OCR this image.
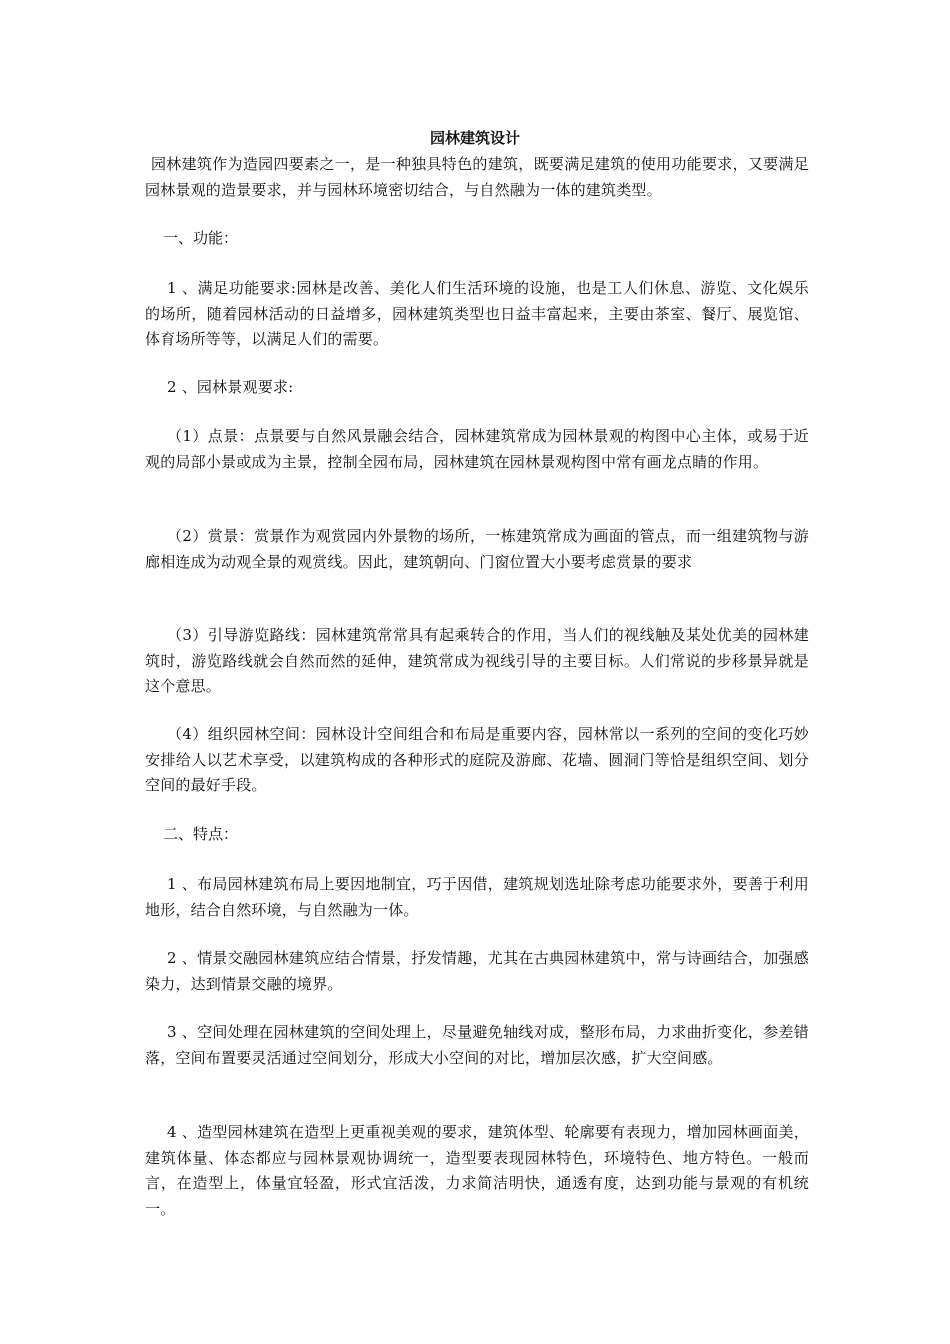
园林建筑设计

园林建筑作为造园四要素之一，是一种独具特色的建筑，既要满足建筑的使用功能要求，又要满足园林景观的造景要求，并与园林环境密切结合，与自然融为一体的建筑类型。

一、功能：

1 、满足功能要求:园林是改善、美化人们生活环境的设施，也是工人们休息、游览、文化娱乐的场所，随着园林活动的日益增多，园林建筑类型也日益丰富起来，主要由茶室、餐厅、展览馆、体育场所等等，以满足人们的需要。

2 、园林景观要求:

（1）点景：点景要与自然风景融会结合，园林建筑常成为园林景观的构图中心主体，或易于近观的局部小景或成为主景，控制全园布局，园林建筑在园林景观构图中常有画龙点睛的作用。

（2）赏景：赏景作为观赏园内外景物的场所，一栋建筑常成为画面的管点，而一组建筑物与游廊相连成为动观全景的观赏线。因此，建筑朝向、门窗位置大小要考虑赏景的要求

（3）引导游览路线：园林建筑常常具有起乘转合的作用，当人们的视线触及某处优美的园林建筑时，游览路线就会自然而然的延伸，建筑常成为视线引导的主要目标。人们常说的步移景异就是这个意思。

（4）组织园林空间：园林设计空间组合和布局是重要内容，园林常以一系列的空间的变化巧妙安排给人以艺术享受，以建筑构成的各种形式的庭院及游廊、花墙、圆洞门等恰是组织空间、划分空间的最好手段。

二、特点：

1 、布局园林建筑布局上要因地制宜，巧于因借，建筑规划选址除考虑功能要求外，要善于利用地形，结合自然环境，与自然融为一体。

2 、情景交融园林建筑应结合情景，抒发情趣，尤其在古典园林建筑中，常与诗画结合，加强感染力，达到情景交融的境界。

3 、空间处理在园林建筑的空间处理上，尽量避免轴线对成，整形布局，力求曲折变化，参差错落，空间布置要灵活通过空间划分，形成大小空间的对比，增加层次感，扩大空间感。

4 、造型园林建筑在造型上更重视美观的要求，建筑体型、轮廓要有表现力，增加园林画面美，建筑体量、体态都应与园林景观协调统一，造型要表现园林特色，环境特色、地方特色。一般而言，在造型上，体量宜轻盈，形式宜活泼，力求简洁明快，通透有度，达到功能与景观的有机统一。
